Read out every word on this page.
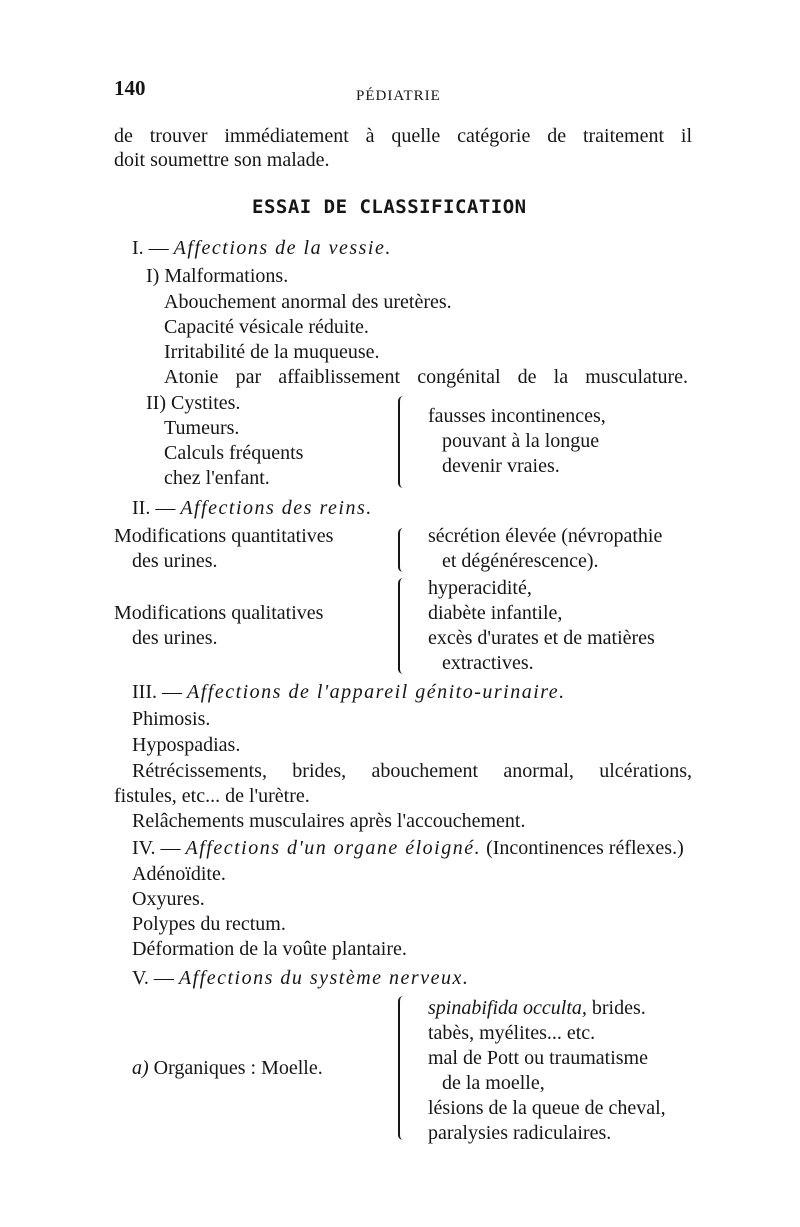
140	PÉDIATRIE
de trouver immédiatement à quelle catégorie de traitement il
doit soumettre son malade.
ESSAI DE CLASSIFICATION
I. — Affections de la vessie.
I) Malformations.
Abouchement anormal des uretères.
Capacité vésicale réduite.
Irritabilité de la muqueuse.
Atonie par affaiblissement congénital de la musculature.
II) Cystites.
Tumeurs.
Calculs fréquents
chez l'enfant.
fausses incontinences,
pouvant à la longue
devenir vraies.
II. — Affections des reins.
Modifications quantitatives
des urines.
sécrétion élevée (névropathie
et dégénérescence).
Modifications qualitatives
des urines.
hyperacidité,
diabète infantile,
excès d'urates et de matières
extractives.
III. — Affections de l'appareil génito-urinaire.
Phimosis.
Hypospadias.
Rétrécissements, brides, abouchement anormal, ulcérations,
fistules, etc... de l'urètre.
Relâchements musculaires après l'accouchement.
IV. — Affections d'un organe éloigné. (Incontinences réflexes.)
Adénoïdite.
Oxyures.
Polypes du rectum.
Déformation de la voûte plantaire.
V. — Affections du système nerveux.
a) Organiques : Moelle.
spinabifida occulta, brides.
tabès, myélites... etc.
mal de Pott ou traumatisme
de la moelle,
lésions de la queue de cheval,
paralysies radiculaires.
